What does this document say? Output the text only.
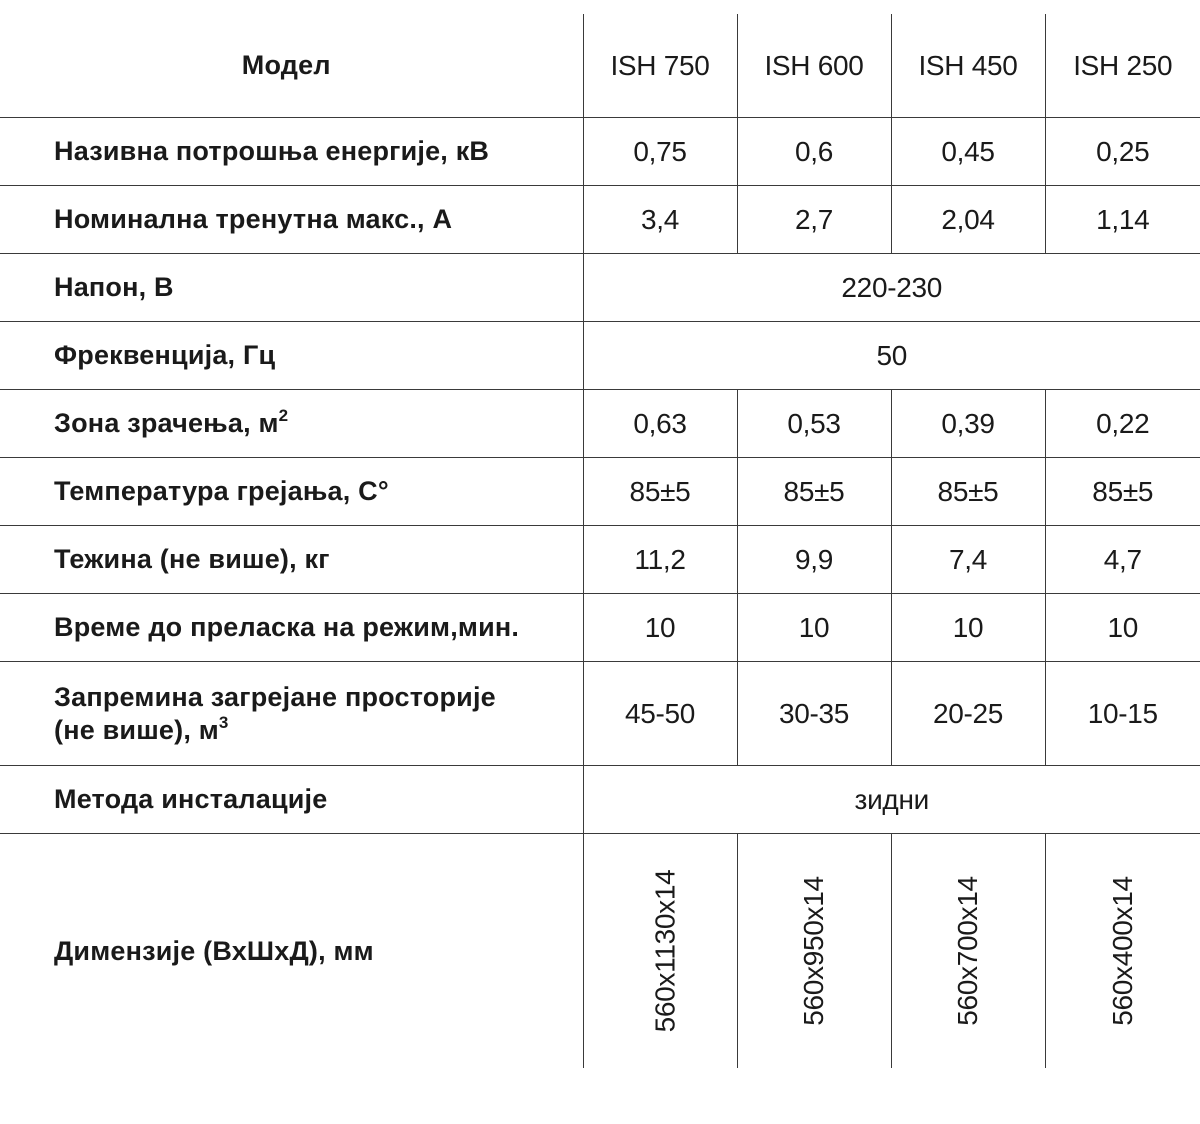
Модел	ISH 750	ISH 600	ISH 450	ISH 250
Називна потрошња енергије, кВ	0,75	0,6	0,45	0,25
Номинална тренутна макс., А	3,4	2,7	2,04	1,14
Напон, В	220-230			
Фреквенција, Гц	50			
Зона зрачења, $м^2$	0,63	0,53	0,39	0,22
Температура грејања, С°	85±5	85±5	85±5	85±5
Тежина (не више), кг	11,2	9,9	7,4	4,7
Време до преласка на режим,мин.	10	10	10	10
Запремина загрејане просторије
(не више), $м^3$	45-50	30-35	20-25	10-15
Метода инсталације	зидни			
Димензије (ВхШхД), мм	560x1130x14	560x950x14	560x700x14	560x400x14
